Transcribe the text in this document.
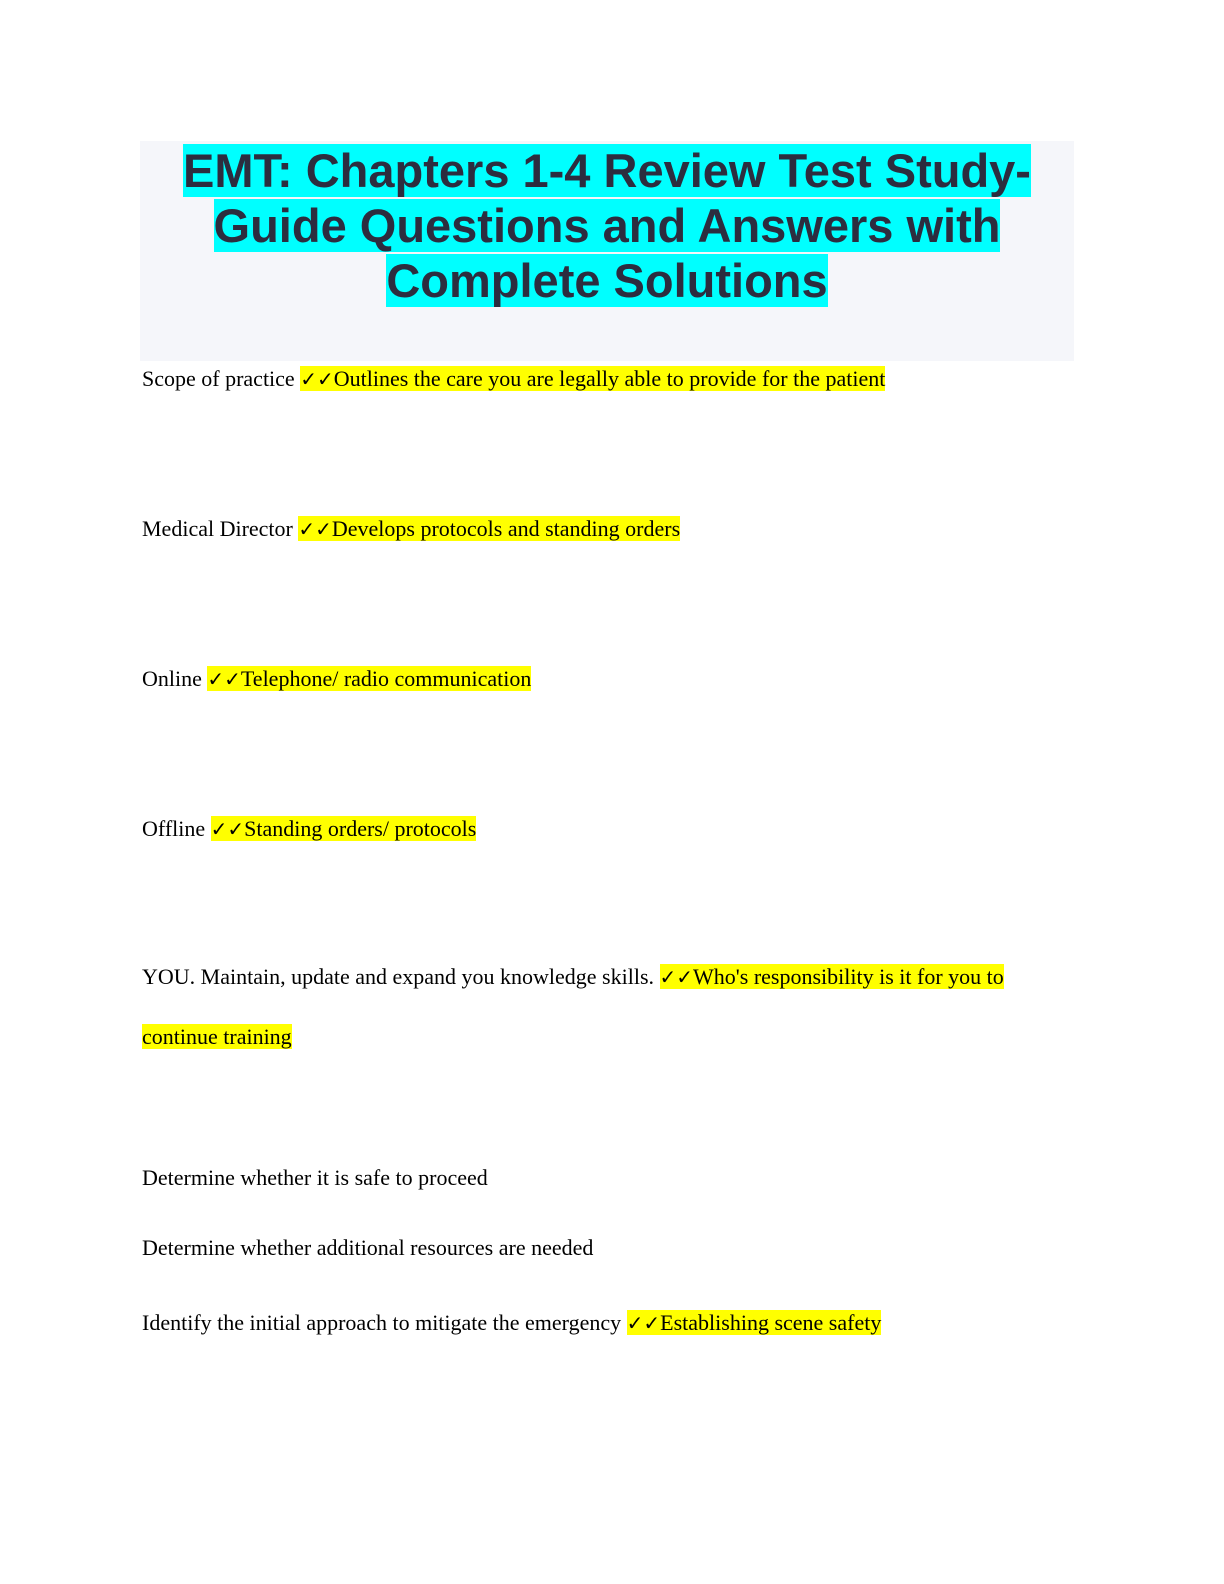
EMT: Chapters 1-4 Review Test Study-Guide Questions and Answers with Complete Solutions
Scope of practice ✓✓Outlines the care you are legally able to provide for the patient
Medical Director ✓✓Develops protocols and standing orders
Online ✓✓Telephone/ radio communication
Offline ✓✓Standing orders/ protocols
YOU. Maintain, update and expand you knowledge skills. ✓✓Who's responsibility is it for you to continue training
Determine whether it is safe to proceed
Determine whether additional resources are needed
Identify the initial approach to mitigate the emergency ✓✓Establishing scene safety
